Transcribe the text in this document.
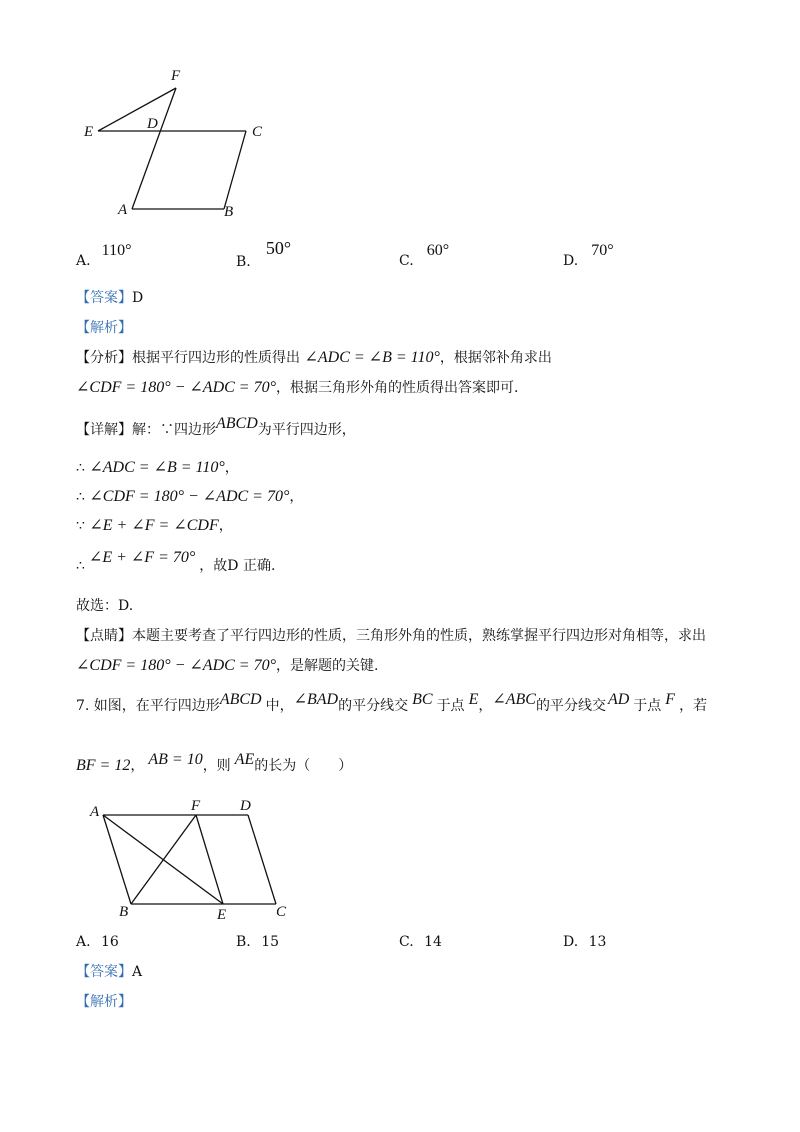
F
E	D	C
A	B
A. 110°
B. 50°
C. 60°
D. 70°
【答案】D
【解析】
【分析】根据平行四边形的性质得出 ∠ADC = ∠B = 110°，根据邻补角求出
∠CDF = 180° − ∠ADC = 70°，根据三角形外角的性质得出答案即可.
【详解】解：∵四边形ABCD为平行四边形，
∴ ∠ADC = ∠B = 110°，
∴ ∠CDF = 180° − ∠ADC = 70°，
∵ ∠E + ∠F = ∠CDF，
∴ ∠E + ∠F = 70° ，故D 正确.
故选：D.
【点睛】本题主要考查了平行四边形的性质，三角形外角的性质，熟练掌握平行四边形对角相等，求出
∠CDF = 180° − ∠ADC = 70°，是解题的关键.
7. 如图，在平行四边形ABCD 中，∠BAD的平分线交 BC 于点 E，∠ABC的平分线交 AD 于点 F ，若
BF = 12， AB = 10，则 AE的长为（　　）
A	F	D
B	E	C
A. 16	B. 15	C. 14	D. 13
【答案】A
【解析】
